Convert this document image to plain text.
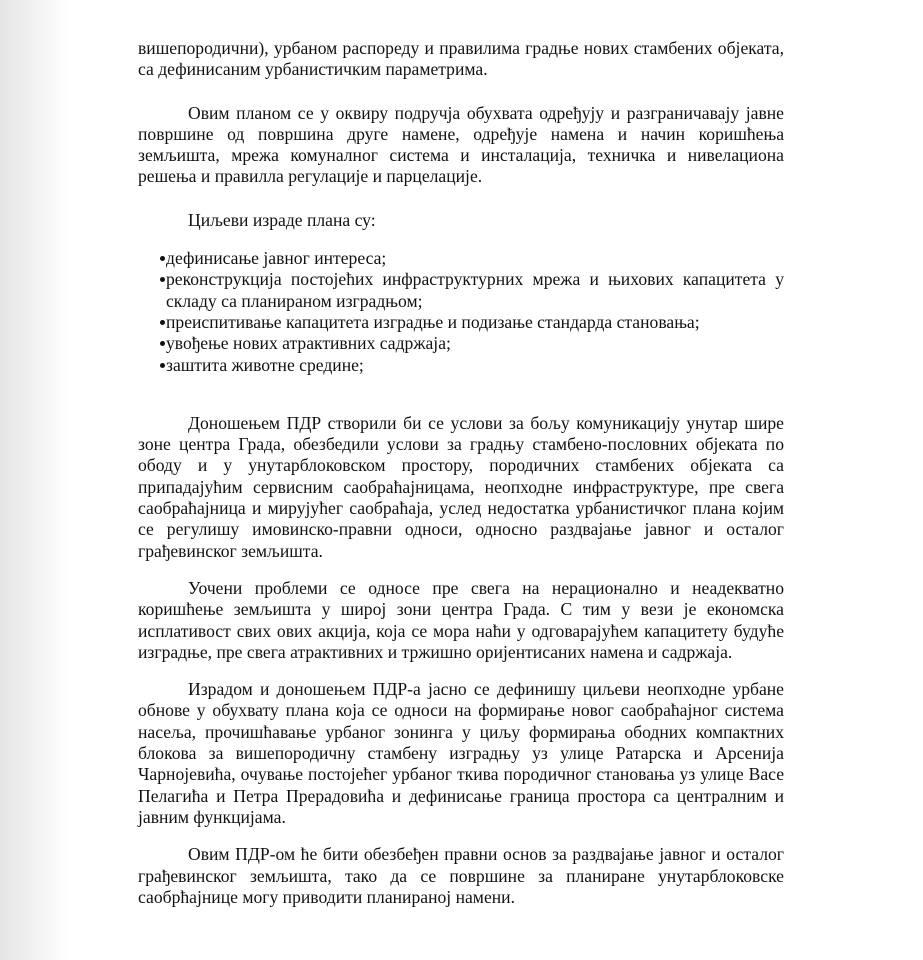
вишепородични), урбаном распореду и правилима градње нових стамбених објеката, са дефинисаним урбанистичким параметрима.

Овим планом се у оквиру подручја обухвата одређују и разграничавају јавне површине од површина друге намене, одређује намена и начин коришћења земљишта, мрежа комуналног система и инсталација, техничка и нивелациона решења и правилла регулације и парцелације.

Циљеви израде плана су:

дефинисање јавног интереса;
реконструкција постојећих инфраструктурних мрежа и њихових капацитета у складу са планираном изградњом;
преиспитивање капацитета изградње и подизање стандарда становања;
увођење нових атрактивних садржаја;
заштита животне средине;

Доношењем ПДР створили би се услови за бољу комуникацију унутар шире зоне центра Града, обезбедили услови за градњу стамбено-пословних објеката по ободу и у унутарблоковском простору, породичних стамбених објеката са припадајућим сервисним саобраћајницама, неопходне инфраструктуре, пре свега саобраћајница и мирујућег саобраћаја, услед недостатка урбанистичког плана којим се регулишу имовинско-правни односи, односно раздвајање јавног и осталог грађевинског земљишта.

Уочени проблеми се односе пре свега на нерационално и неадекватно коришћење земљишта у широј зони центра Града. С тим у вези је економска исплативост свих ових акција, која се мора наћи у одговарајућем капацитету будуће изградње, пре свега атрактивних и тржишно оријентисаних намена и садржаја.

Израдом и доношењем ПДР-а јасно се дефинишу циљеви неопходне урбане обнове у обухвату плана која се односи на формирање новог саобраћајног система насеља, прочишћавање урбаног зонинга у циљу формирања ободних компактних блокова за вишепородичну стамбену изградњу уз улице Ратарска и Арсенија Чарнојевића, очување постојећег урбаног ткива породичног становања уз улице Васе Пелагића и Петра Прерадовића и дефинисање граница простора са централним и јавним функцијама.

Овим ПДР-ом ће бити обезбеђен правни основ за раздвајање јавног и осталог грађевинског земљишта, тако да се површине за планиране унутарблоковске саобрћајнице могу приводити планираној намени.
